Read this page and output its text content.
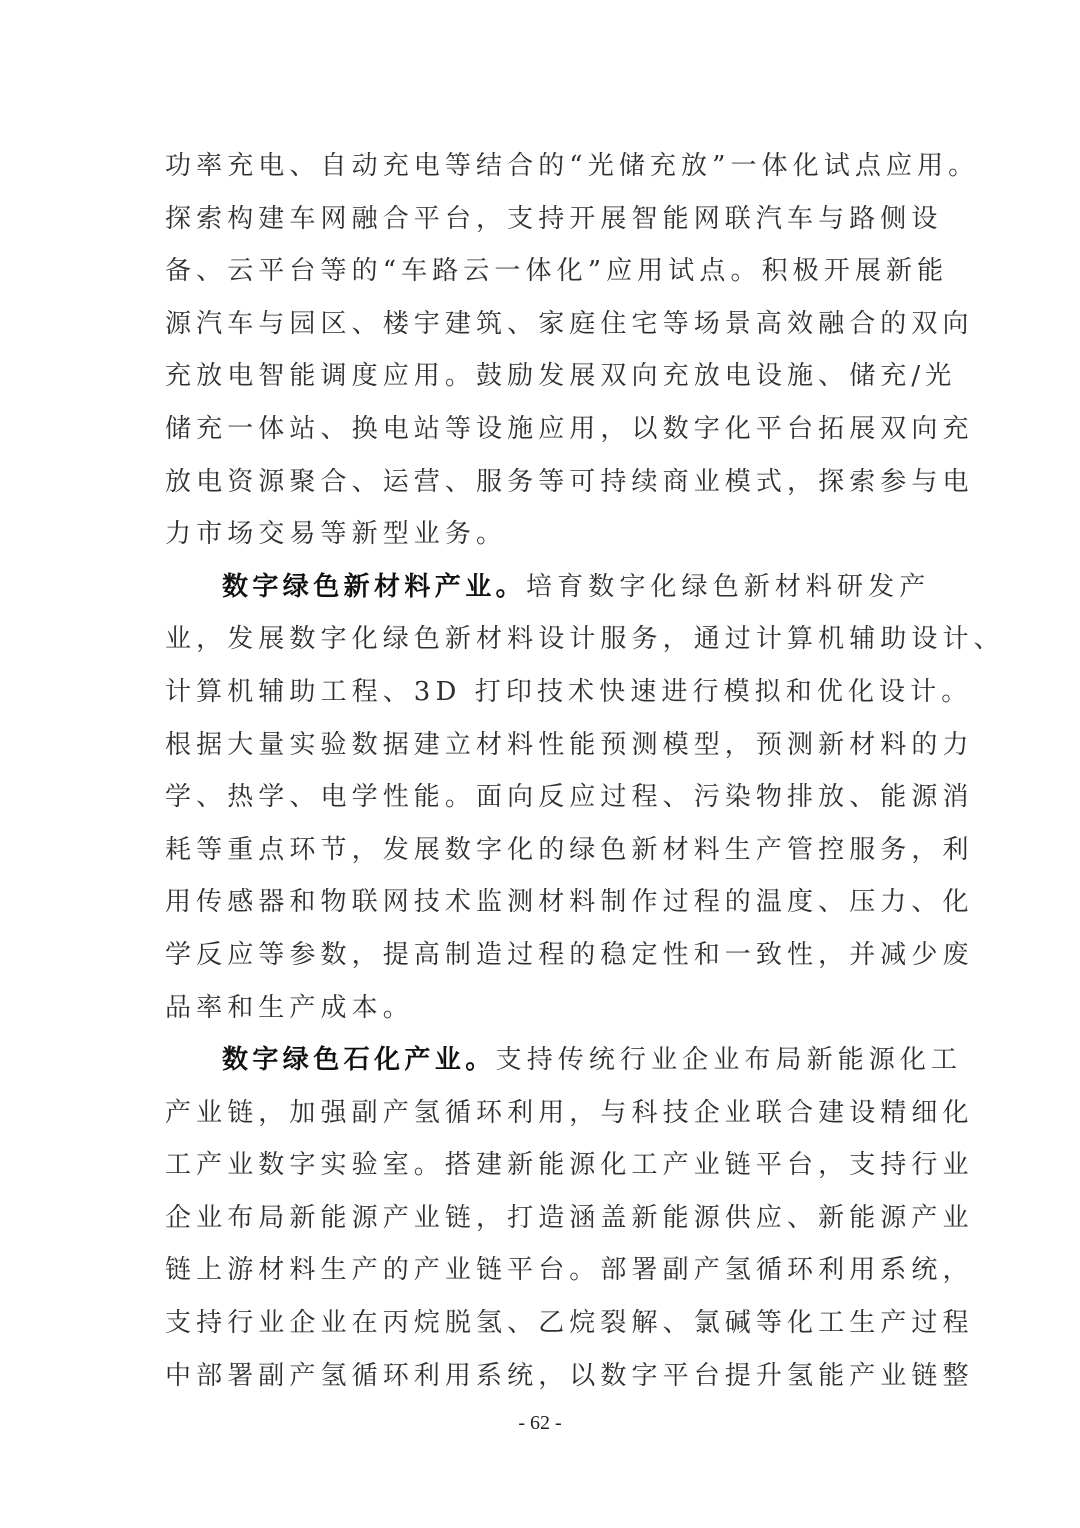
功率充电、自动充电等结合的“光储充放”一体化试点应用。
探索构建车网融合平台，支持开展智能网联汽车与路侧设
备、云平台等的“车路云一体化”应用试点。积极开展新能
源汽车与园区、楼宇建筑、家庭住宅等场景高效融合的双向
充放电智能调度应用。鼓励发展双向充放电设施、储充/光
储充一体站、换电站等设施应用，以数字化平台拓展双向充
放电资源聚合、运营、服务等可持续商业模式，探索参与电
力市场交易等新型业务。
数字绿色新材料产业。培育数字化绿色新材料研发产
业，发展数字化绿色新材料设计服务，通过计算机辅助设计、
计算机辅助工程、3D 打印技术快速进行模拟和优化设计。
根据大量实验数据建立材料性能预测模型，预测新材料的力
学、热学、电学性能。面向反应过程、污染物排放、能源消
耗等重点环节，发展数字化的绿色新材料生产管控服务，利
用传感器和物联网技术监测材料制作过程的温度、压力、化
学反应等参数，提高制造过程的稳定性和一致性，并减少废
品率和生产成本。
数字绿色石化产业。支持传统行业企业布局新能源化工
产业链，加强副产氢循环利用，与科技企业联合建设精细化
工产业数字实验室。搭建新能源化工产业链平台，支持行业
企业布局新能源产业链，打造涵盖新能源供应、新能源产业
链上游材料生产的产业链平台。部署副产氢循环利用系统，
支持行业企业在丙烷脱氢、乙烷裂解、氯碱等化工生产过程
中部署副产氢循环利用系统，以数字平台提升氢能产业链整
- 62 -
